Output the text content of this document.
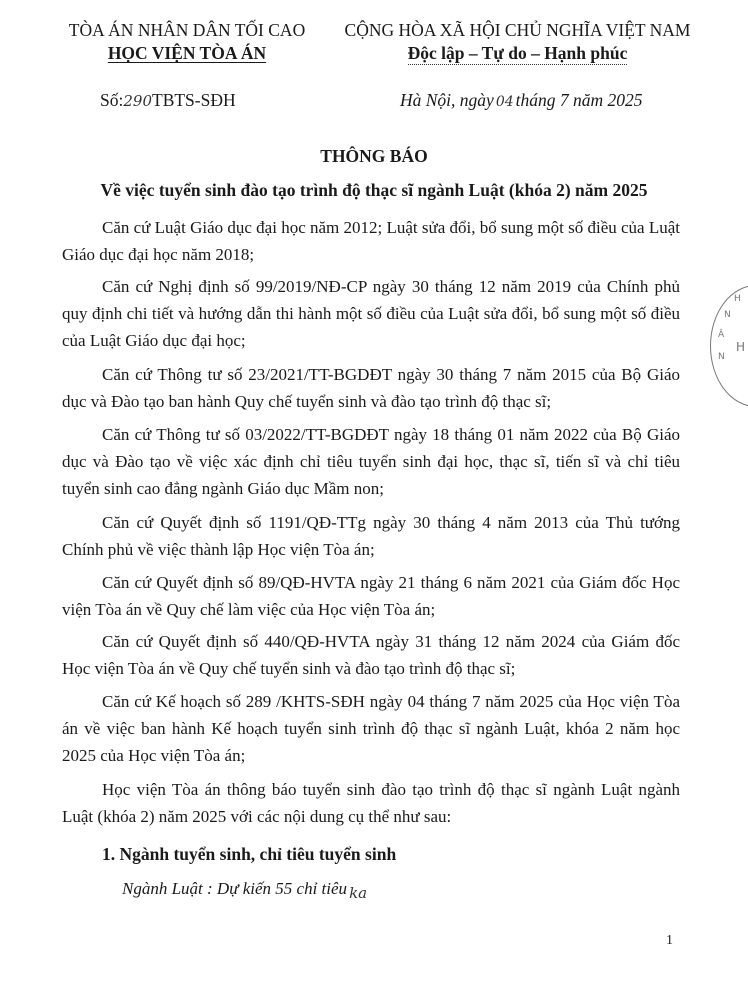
TÒA ÁN NHÂN DÂN TỐI CAO
HỌC VIỆN TÒA ÁN
CỘNG HÒA XÃ HỘI CHỦ NGHĨA VIỆT NAM
Độc lập – Tự do – Hạnh phúc
Số:290TBTS-SĐH	Hà Nội, ngày 04 tháng 7 năm 2025
THÔNG BÁO
Về việc tuyển sinh đào tạo trình độ thạc sĩ ngành Luật (khóa 2) năm 2025
Căn cứ Luật Giáo dục đại học năm 2012; Luật sửa đổi, bổ sung một số điều của Luật Giáo dục đại học năm 2018;
Căn cứ Nghị định số 99/2019/NĐ-CP ngày 30 tháng 12 năm 2019 của Chính phủ quy định chi tiết và hướng dẫn thi hành một số điều của Luật sửa đổi, bổ sung một số điều của Luật Giáo dục đại học;
Căn cứ Thông tư số 23/2021/TT-BGDĐT ngày 30 tháng 7 năm 2015 của Bộ Giáo dục và Đào tạo ban hành Quy chế tuyển sinh và đào tạo trình độ thạc sĩ;
Căn cứ Thông tư số 03/2022/TT-BGDĐT ngày 18 tháng 01 năm 2022 của Bộ Giáo dục và Đào tạo về việc xác định chỉ tiêu tuyển sinh đại học, thạc sĩ, tiến sĩ và chỉ tiêu tuyển sinh cao đẳng ngành Giáo dục Mầm non;
Căn cứ Quyết định số 1191/QĐ-TTg ngày 30 tháng 4 năm 2013 của Thủ tướng Chính phủ về việc thành lập Học viện Tòa án;
Căn cứ Quyết định số 89/QĐ-HVTA ngày 21 tháng 6 năm 2021 của Giám đốc Học viện Tòa án về Quy chế làm việc của Học viện Tòa án;
Căn cứ Quyết định số 440/QĐ-HVTA ngày 31 tháng 12 năm 2024 của Giám đốc Học viện Tòa án về Quy chế tuyển sinh và đào tạo trình độ thạc sĩ;
Căn cứ Kế hoạch số 289 /KHTS-SĐH ngày 04 tháng 7 năm 2025 của Học viện Tòa án về việc ban hành Kế hoạch tuyển sinh trình độ thạc sĩ ngành Luật, khóa 2 năm học 2025 của Học viện Tòa án;
Học viện Tòa án thông báo tuyển sinh đào tạo trình độ thạc sĩ ngành Luật ngành Luật (khóa 2) năm 2025 với các nội dung cụ thể như sau:
1. Ngành tuyển sinh, chỉ tiêu tuyển sinh
Ngành Luật : Dự kiến 55 chỉ tiêu ka
H
N
Â
N
H
1
